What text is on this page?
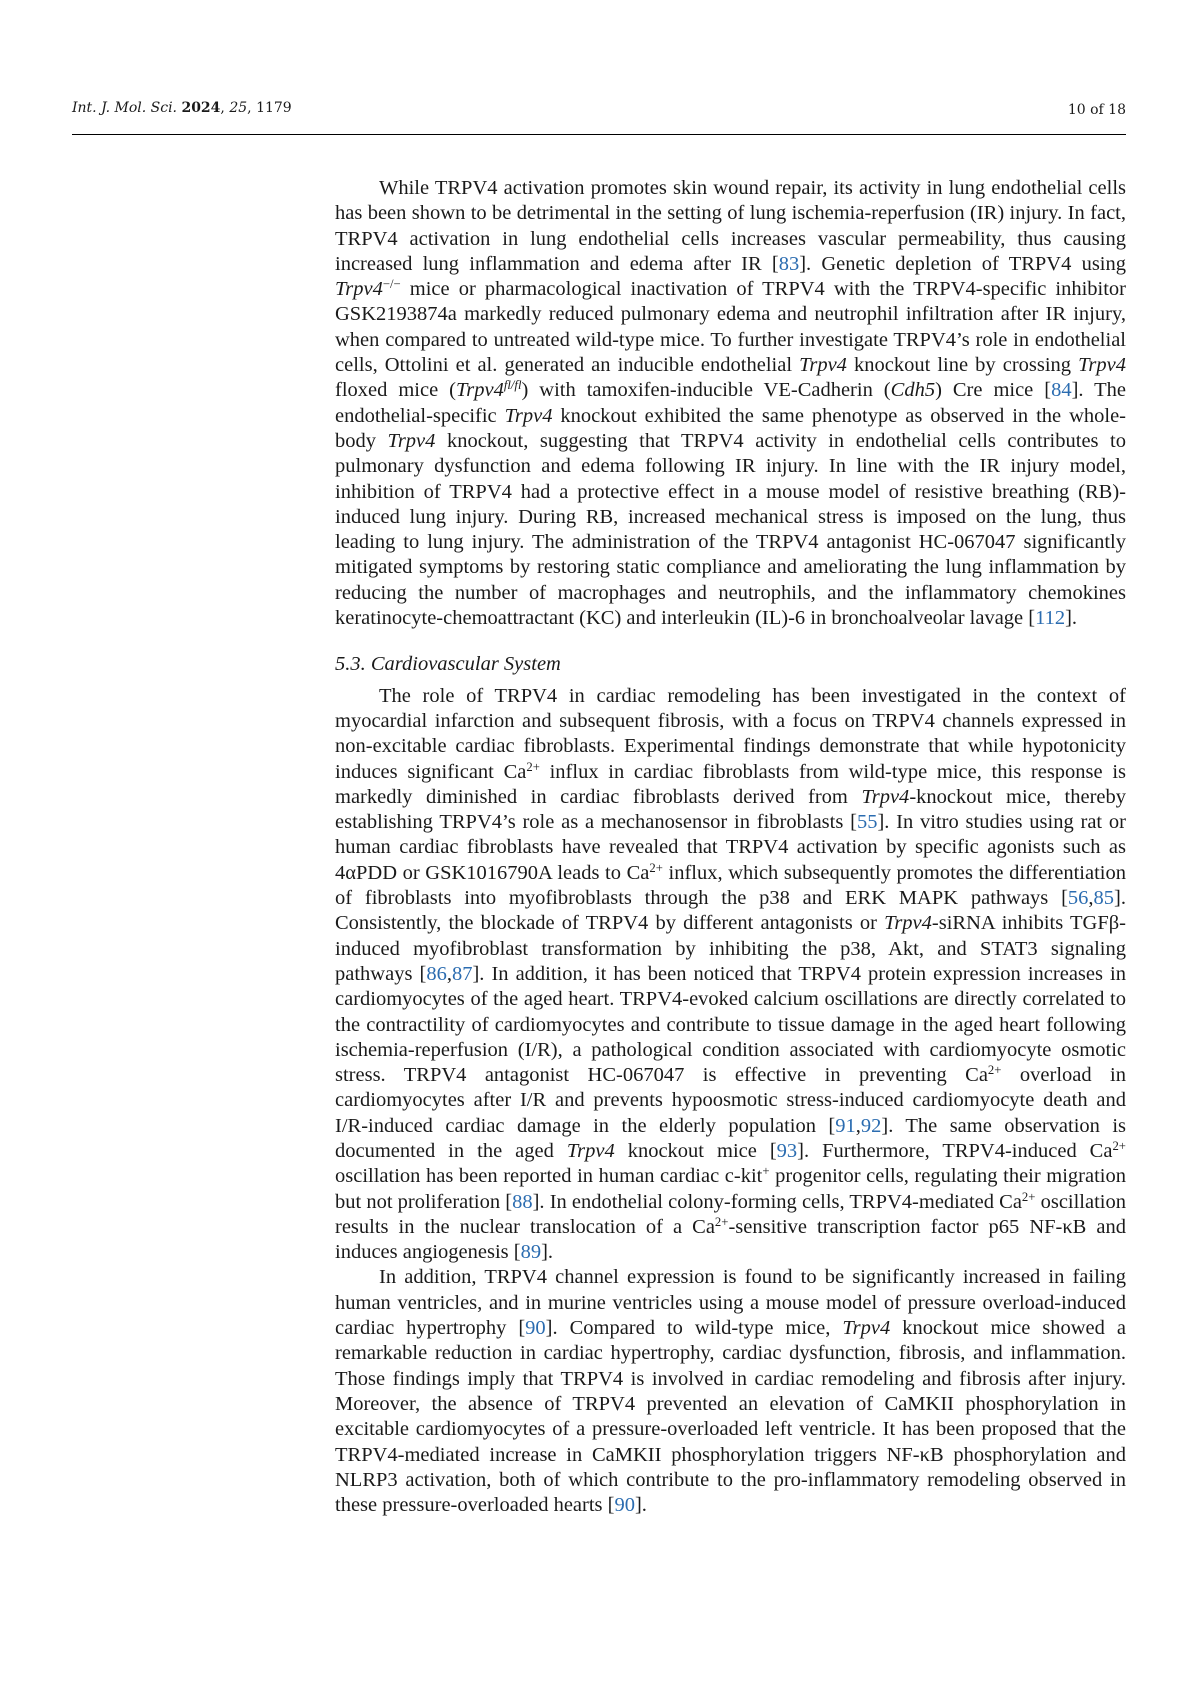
Int. J. Mol. Sci. 2024, 25, 1179	10 of 18

While TRPV4 activation promotes skin wound repair, its activity in lung endothelial cells has been shown to be detrimental in the setting of lung ischemia-reperfusion (IR) injury. In fact, TRPV4 activation in lung endothelial cells increases vascular permeability, thus causing increased lung inflammation and edema after IR [83]. Genetic depletion of TRPV4 using Trpv4−/− mice or pharmacological inactivation of TRPV4 with the TRPV4-specific inhibitor GSK2193874a markedly reduced pulmonary edema and neutrophil infiltration after IR injury, when compared to untreated wild-type mice. To further investigate TRPV4’s role in endothelial cells, Ottolini et al. generated an inducible endothelial Trpv4 knockout line by crossing Trpv4 floxed mice $(Trpv4^{fl/fl})$ with tamoxifen-inducible VE-Cadherin (Cdh5) Cre mice [84]. The endothelial-specific Trpv4 knockout exhibited the same phenotype as observed in the whole-body Trpv4 knockout, suggesting that TRPV4 activity in endothelial cells contributes to pulmonary dysfunction and edema following IR injury. In line with the IR injury model, inhibition of TRPV4 had a protective effect in a mouse model of resistive breathing (RB)-induced lung injury. During RB, increased mechanical stress is imposed on the lung, thus leading to lung injury. The administration of the TRPV4 antagonist HC-067047 significantly mitigated symptoms by restoring static compliance and ameliorating the lung inflammation by reducing the number of macrophages and neutrophils, and the inflammatory chemokines keratinocyte-chemoattractant (KC) and interleukin (IL)-6 in bronchoalveolar lavage [112].

5.3. Cardiovascular System

The role of TRPV4 in cardiac remodeling has been investigated in the context of myocardial infarction and subsequent fibrosis, with a focus on TRPV4 channels expressed in non-excitable cardiac fibroblasts. Experimental findings demonstrate that while hypotonicity induces significant $Ca^{2+}$ influx in cardiac fibroblasts from wild-type mice, this response is markedly diminished in cardiac fibroblasts derived from Trpv4-knockout mice, thereby establishing TRPV4’s role as a mechanosensor in fibroblasts [55]. In vitro studies using rat or human cardiac fibroblasts have revealed that TRPV4 activation by specific agonists such as 4αPDD or GSK1016790A leads to $Ca^{2+}$ influx, which subsequently promotes the differentiation of fibroblasts into myofibroblasts through the p38 and ERK MAPK pathways [56,85]. Consistently, the blockade of TRPV4 by different antagonists or Trpv4-siRNA inhibits TGFβ-induced myofibroblast transformation by inhibiting the p38, Akt, and STAT3 signaling pathways [86,87]. In addition, it has been noticed that TRPV4 protein expression increases in cardiomyocytes of the aged heart. TRPV4-evoked calcium oscillations are directly correlated to the contractility of cardiomyocytes and contribute to tissue damage in the aged heart following ischemia-reperfusion (I/R), a pathological condition associated with cardiomyocyte osmotic stress. TRPV4 antagonist HC-067047 is effective in preventing $Ca^{2+}$ overload in cardiomyocytes after I/R and prevents hypoosmotic stress-induced cardiomyocyte death and I/R-induced cardiac damage in the elderly population [91,92]. The same observation is documented in the aged Trpv4 knockout mice [93]. Furthermore, TRPV4-induced $Ca^{2+}$ oscillation has been reported in human cardiac c-kit+ progenitor cells, regulating their migration but not proliferation [88]. In endothelial colony-forming cells, TRPV4-mediated $Ca^{2+}$ oscillation results in the nuclear translocation of a $Ca^{2+}$-sensitive transcription factor p65 NF-κB and induces angiogenesis [89].

In addition, TRPV4 channel expression is found to be significantly increased in failing human ventricles, and in murine ventricles using a mouse model of pressure overload-induced cardiac hypertrophy [90]. Compared to wild-type mice, Trpv4 knockout mice showed a remarkable reduction in cardiac hypertrophy, cardiac dysfunction, fibrosis, and inflammation. Those findings imply that TRPV4 is involved in cardiac remodeling and fibrosis after injury. Moreover, the absence of TRPV4 prevented an elevation of CaMKII phosphorylation in excitable cardiomyocytes of a pressure-overloaded left ventricle. It has been proposed that the TRPV4-mediated increase in CaMKII phosphorylation triggers NF-κB phosphorylation and NLRP3 activation, both of which contribute to the pro-inflammatory remodeling observed in these pressure-overloaded hearts [90].
